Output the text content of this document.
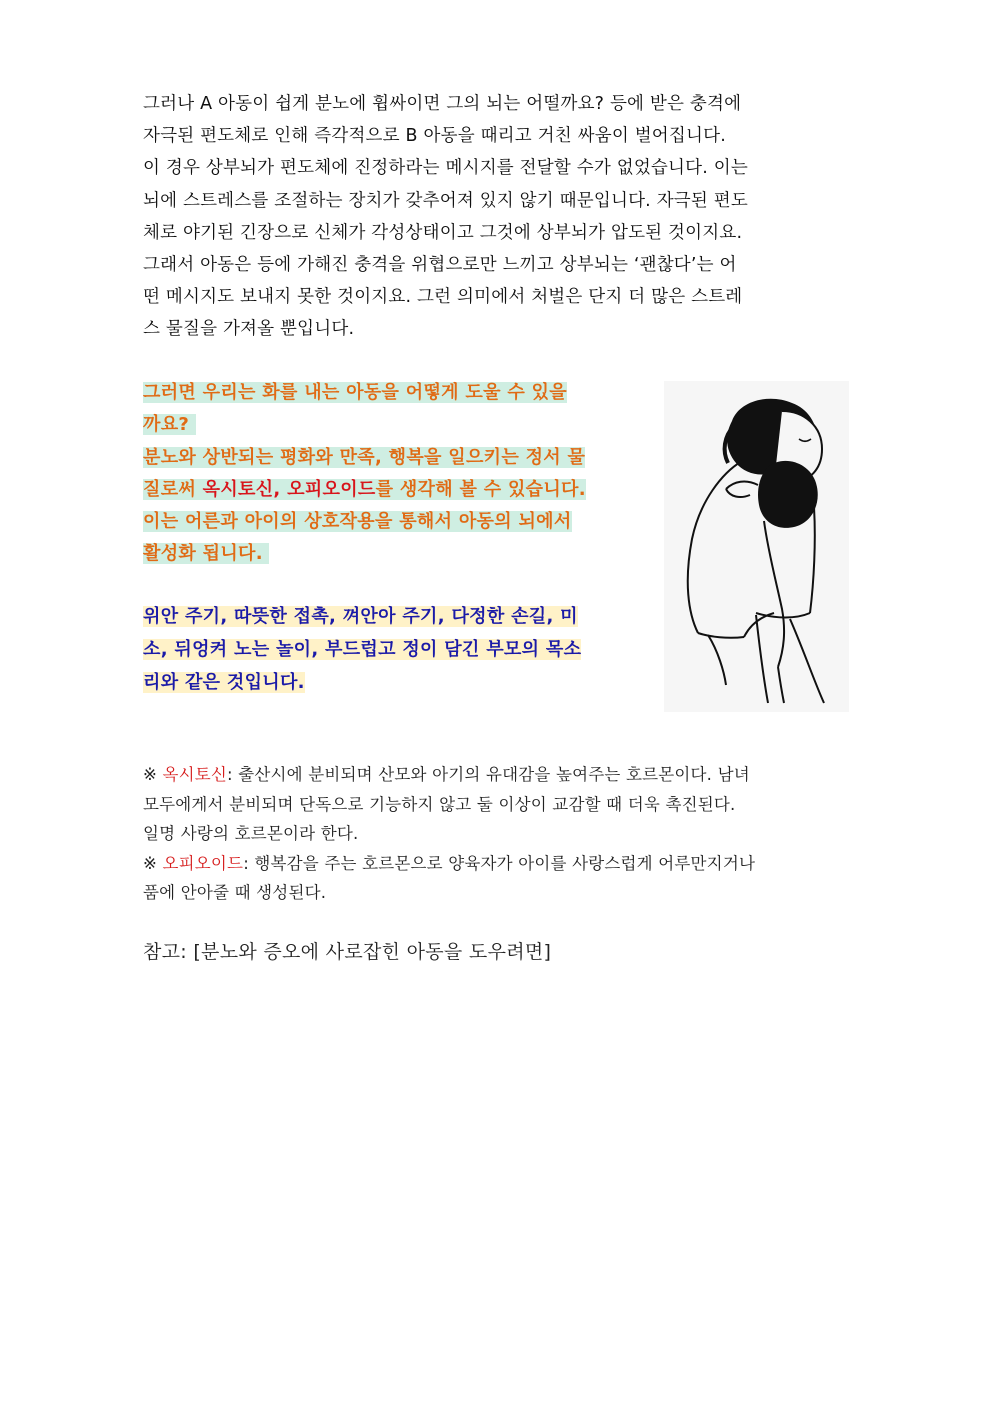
그러나 A 아동이 쉽게 분노에 휩싸이면 그의 뇌는 어떨까요? 등에 받은 충격에
자극된 편도체로 인해 즉각적으로 B 아동을 때리고 거친 싸움이 벌어집니다.
이 경우 상부뇌가 편도체에 진정하라는 메시지를 전달할 수가 없었습니다. 이는
뇌에 스트레스를 조절하는 장치가 갖추어져 있지 않기 때문입니다. 자극된 편도
체로 야기된 긴장으로 신체가 각성상태이고 그것에 상부뇌가 압도된 것이지요.
그래서 아동은 등에 가해진 충격을 위협으로만 느끼고 상부뇌는 ‘괜찮다’는 어
떤 메시지도 보내지 못한 것이지요. 그런 의미에서 처벌은 단지 더 많은 스트레
스 물질을 가져올 뿐입니다.
그러면 우리는 화를 내는 아동을 어떻게 도울 수 있을
까요?
분노와 상반되는 평화와 만족, 행복을 일으키는 정서 물
질로써 옥시토신, 오피오이드를 생각해 볼 수 있습니다.
이는 어른과 아이의 상호작용을 통해서 아동의 뇌에서
활성화 됩니다.
위안 주기, 따뜻한 접촉, 껴안아 주기, 다정한 손길, 미
소, 뒤엉켜 노는 놀이, 부드럽고 정이 담긴 부모의 목소
리와 같은 것입니다.
※ 옥시토신: 출산시에 분비되며 산모와 아기의 유대감을 높여주는 호르몬이다. 남녀
모두에게서 분비되며 단독으로 기능하지 않고 둘 이상이 교감할 때 더욱 촉진된다.
일명 사랑의 호르몬이라 한다.
※ 오피오이드: 행복감을 주는 호르몬으로 양육자가 아이를 사랑스럽게 어루만지거나
품에 안아줄 때 생성된다.
참고: [분노와 증오에 사로잡힌 아동을 도우려면]
